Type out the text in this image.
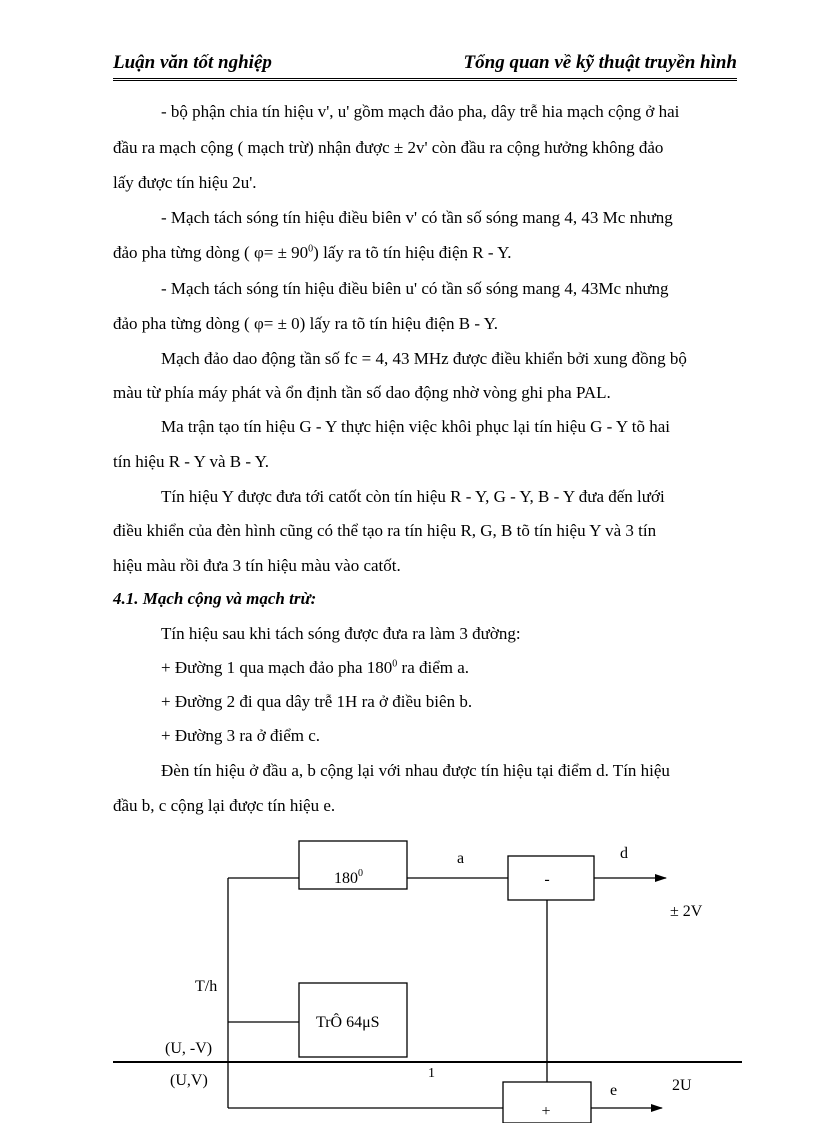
Luận văn tốt nghiệp	Tổng quan về kỹ thuật truyền hình
- bộ phận chia tín hiệu v', u' gồm mạch đảo pha, dây trễ hia mạch cộng ở hai
đầu ra mạch cộng ( mạch trừ) nhận được ± 2v' còn đầu ra cộng hưởng không đảo
lấy được tín hiệu 2u'.
- Mạch tách sóng tín hiệu điều biên v' có tần số sóng mang 4, 43 Mc nhưng
đảo pha từng dòng ( $\varphi= \pm 90^0$) lấy ra tõ tín hiệu điện R - Y.
- Mạch tách sóng tín hiệu điều biên u' có tần số sóng mang 4, 43Mc nhưng
đảo pha từng dòng ( φ= ± 0) lấy ra tõ tín hiệu điện B - Y.
Mạch đảo dao động tần số fc = 4, 43 MHz được điều khiển bởi xung đồng bộ
màu từ phía máy phát và ổn định tần số dao động nhờ vòng ghi pha PAL.
Ma trận tạo tín hiệu G - Y thực hiện việc khôi phục lại tín hiệu G - Y tõ hai
tín hiệu R - Y và B - Y.
Tín hiệu Y được đưa tới catốt còn tín hiệu R - Y, G - Y, B - Y đưa đến lưới
điều khiển của đèn hình cũng có thể tạo ra tín hiệu R, G, B tõ tín hiệu Y và 3 tín
hiệu màu rồi đưa 3 tín hiệu màu vào catốt.
4.1. Mạch cộng và mạch trừ:
Tín hiệu sau khi tách sóng được đưa ra làm 3 đường:
+ Đường 1 qua mạch đảo pha $180^0$ ra điểm a.
+ Đường 2 đi qua dây trễ 1H ra ở điều biên b.
+ Đường 3 ra ở điểm c.
Đèn tín hiệu ở đầu a, b cộng lại với nhau được tín hiệu tại điểm d. Tín hiệu
đầu b, c cộng lại được tín hiệu e.
$180^0$
TrÔ 64μS
-
+
a	d
± 2V
e	2U
T/h
(U, -V)
(U,V)	1
